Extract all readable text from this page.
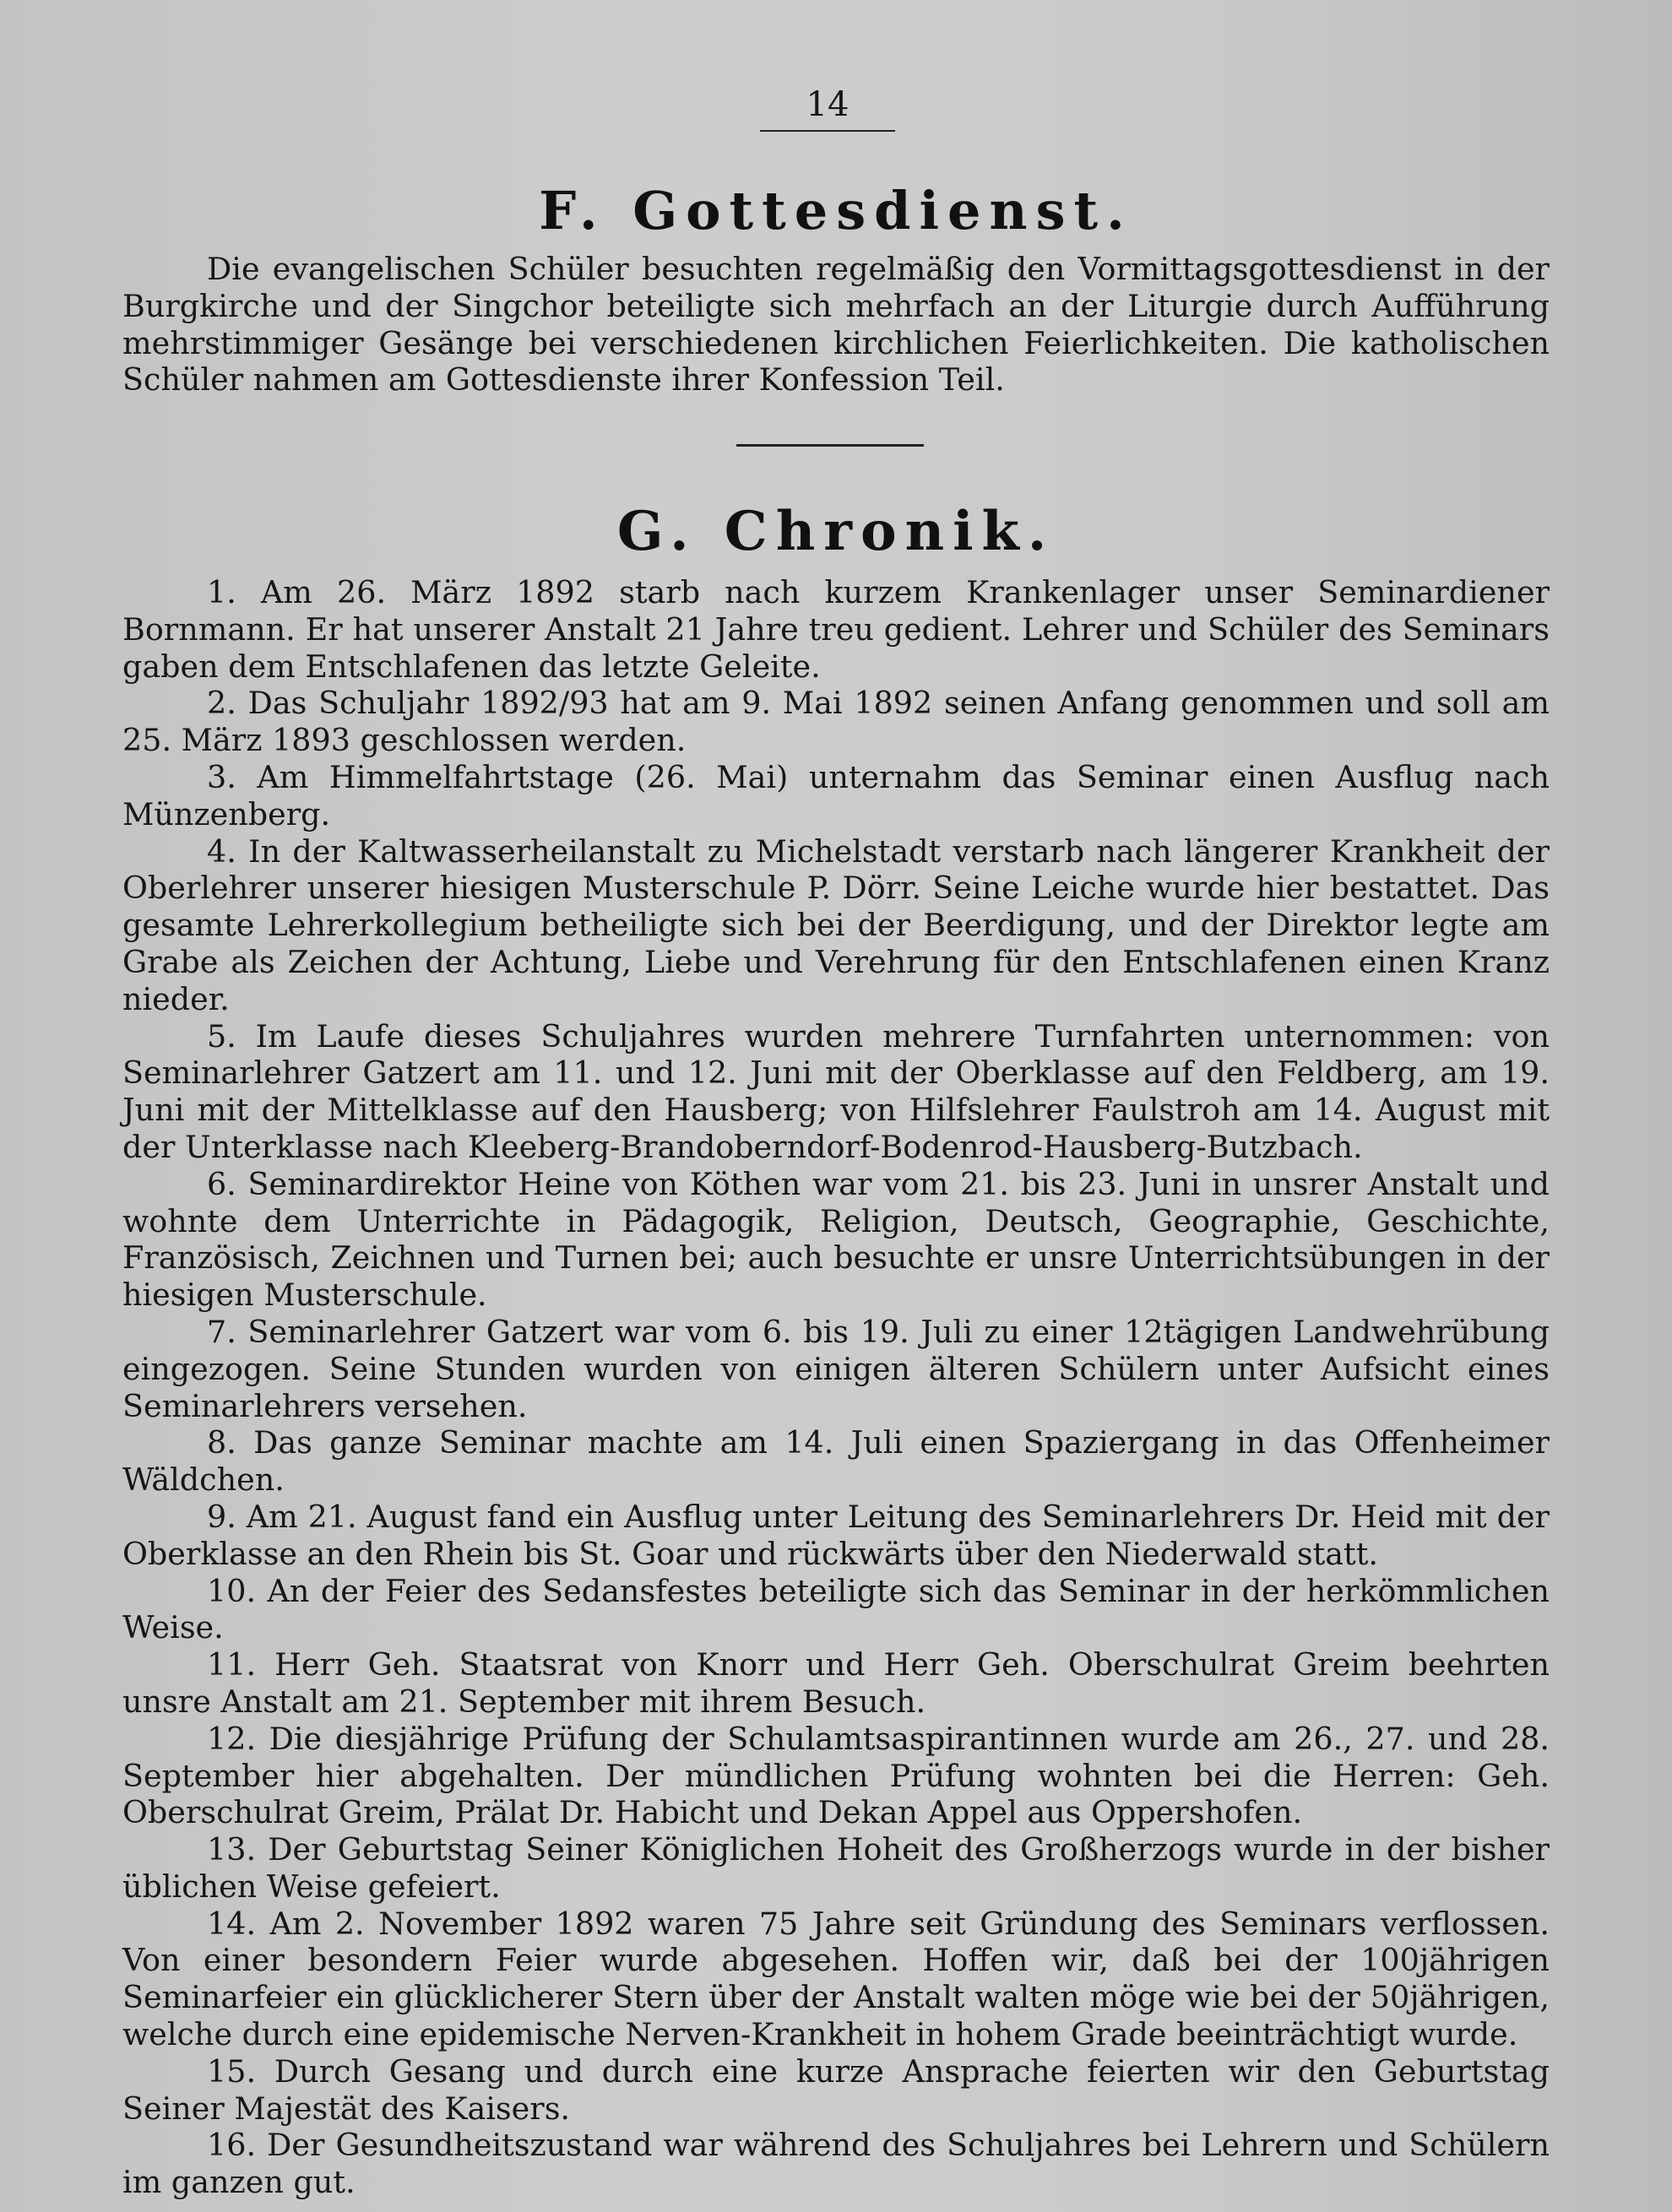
14
F. Gottesdienst.

Die evangelischen Schüler besuchten regelmäßig den Vormittagsgottesdienst in der Burgkirche und der Singchor beteiligte sich mehrfach an der Liturgie durch Aufführung mehrstimmiger Gesänge bei verschiedenen kirchlichen Feierlichkeiten. Die katholischen Schüler nahmen am Gottesdienste ihrer Konfession Teil.

G. Chronik.

1. Am 26. März 1892 starb nach kurzem Krankenlager unser Seminardiener Bornmann. Er hat unserer Anstalt 21 Jahre treu gedient. Lehrer und Schüler des Seminars gaben dem Entschlafenen das letzte Geleite.

2. Das Schuljahr 1892/93 hat am 9. Mai 1892 seinen Anfang genommen und soll am 25. März 1893 geschlossen werden.

3. Am Himmelfahrtstage (26. Mai) unternahm das Seminar einen Ausflug nach Münzenberg.

4. In der Kaltwasserheilanstalt zu Michelstadt verstarb nach längerer Krankheit der Oberlehrer unserer hiesigen Musterschule P. Dörr. Seine Leiche wurde hier bestattet. Das gesamte Lehrerkollegium betheiligte sich bei der Beerdigung, und der Direktor legte am Grabe als Zeichen der Achtung, Liebe und Verehrung für den Entschlafenen einen Kranz nieder.

5. Im Laufe dieses Schuljahres wurden mehrere Turnfahrten unternommen: von Seminarlehrer Gatzert am 11. und 12. Juni mit der Oberklasse auf den Feldberg, am 19. Juni mit der Mittelklasse auf den Hausberg; von Hilfslehrer Faulstroh am 14. August mit der Unterklasse nach Kleeberg-Brandoberndorf-Bodenrod-Hausberg-Butzbach.

6. Seminardirektor Heine von Köthen war vom 21. bis 23. Juni in unsrer Anstalt und wohnte dem Unterrichte in Pädagogik, Religion, Deutsch, Geographie, Geschichte, Französisch, Zeichnen und Turnen bei; auch besuchte er unsre Unterrichtsübungen in der hiesigen Musterschule.

7. Seminarlehrer Gatzert war vom 6. bis 19. Juli zu einer 12tägigen Landwehrübung eingezogen. Seine Stunden wurden von einigen älteren Schülern unter Aufsicht eines Seminarlehrers versehen.

8. Das ganze Seminar machte am 14. Juli einen Spaziergang in das Offenheimer Wäldchen.

9. Am 21. August fand ein Ausflug unter Leitung des Seminarlehrers Dr. Heid mit der Oberklasse an den Rhein bis St. Goar und rückwärts über den Niederwald statt.

10. An der Feier des Sedansfestes beteiligte sich das Seminar in der herkömmlichen Weise.

11. Herr Geh. Staatsrat von Knorr und Herr Geh. Oberschulrat Greim beehrten unsre Anstalt am 21. September mit ihrem Besuch.

12. Die diesjährige Prüfung der Schulamtsaspirantinnen wurde am 26., 27. und 28. September hier abgehalten. Der mündlichen Prüfung wohnten bei die Herren: Geh. Oberschulrat Greim, Prälat Dr. Habicht und Dekan Appel aus Oppershofen.

13. Der Geburtstag Seiner Königlichen Hoheit des Großherzogs wurde in der bisher üblichen Weise gefeiert.

14. Am 2. November 1892 waren 75 Jahre seit Gründung des Seminars verflossen. Von einer besondern Feier wurde abgesehen. Hoffen wir, daß bei der 100jährigen Seminarfeier ein glücklicherer Stern über der Anstalt walten möge wie bei der 50jährigen, welche durch eine epidemische Nerven-Krankheit in hohem Grade beeinträchtigt wurde.

15. Durch Gesang und durch eine kurze Ansprache feierten wir den Geburtstag Seiner Majestät des Kaisers.

16. Der Gesundheitszustand war während des Schuljahres bei Lehrern und Schülern im ganzen gut.
